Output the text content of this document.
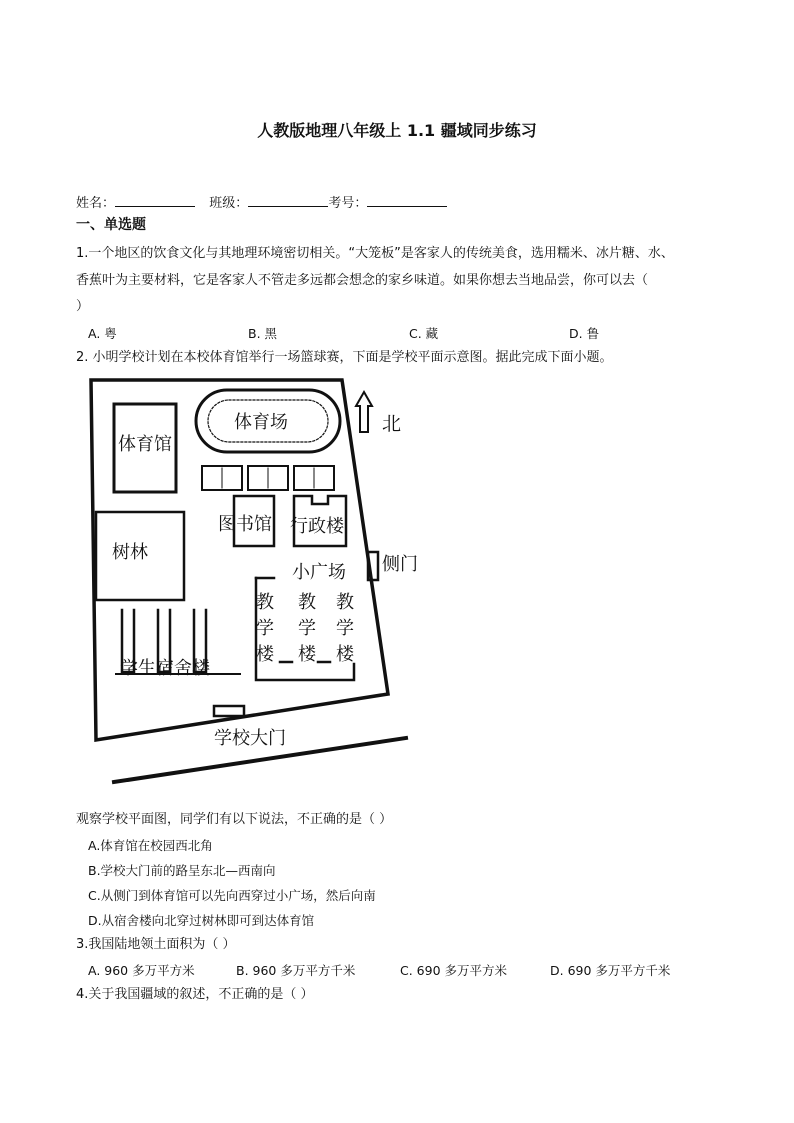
人教版地理八年级上 1.1 疆域同步练习
姓名：	班级：	考号：
一、单选题
1.一个地区的饮食文化与其地理环境密切相关。“大笼板”是客家人的传统美食，选用糯米、冰片糖、水、
香蕉叶为主要材料，它是客家人不管走多远都会想念的家乡味道。如果你想去当地品尝，你可以去（
）
A. 粤	B. 黑	C. 藏	D. 鲁
2. 小明学校计划在本校体育馆举行一场篮球赛，下面是学校平面示意图。据此完成下面小题。
体育馆
体育场	北
图书馆 行政楼
树林
小广场 侧门
教
学
楼
教
学
楼
教
学
楼
学生宿舍楼
学校大门
观察学校平面图，同学们有以下说法，不正确的是（ ）
A.体育馆在校园西北角
B.学校大门前的路呈东北—西南向
C.从侧门到体育馆可以先向西穿过小广场，然后向南
D.从宿舍楼向北穿过树林即可到达体育馆
3.我国陆地领土面积为（ ）
A. 960 多万平方米	B. 960 多万平方千米	C. 690 多万平方米	D. 690 多万平方千米
4.关于我国疆域的叙述，不正确的是（ ）
